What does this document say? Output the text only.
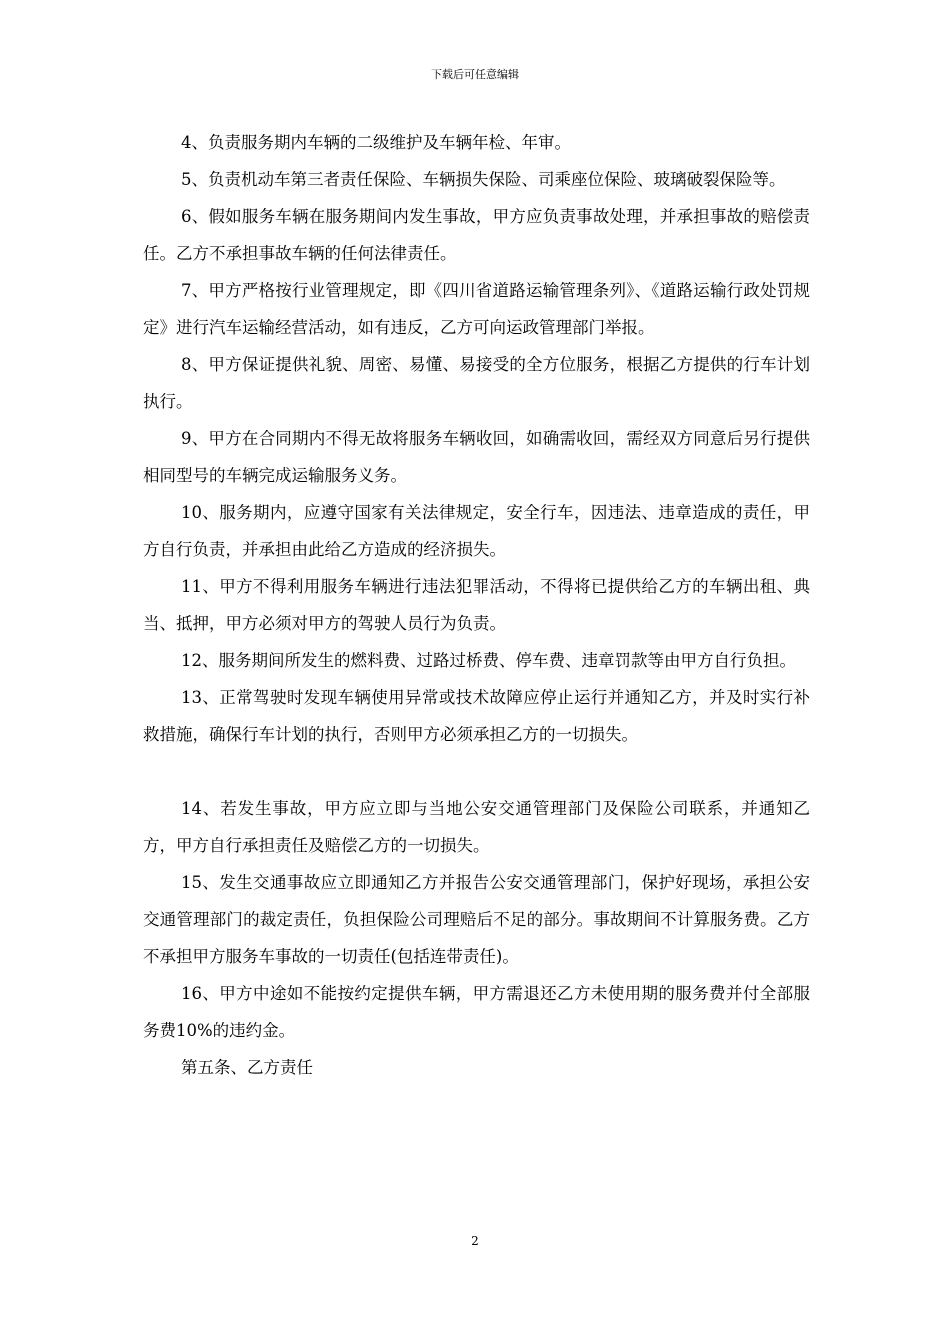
下载后可任意编辑

4、负责服务期内车辆的二级维护及车辆年检、年审。

5、负责机动车第三者责任保险、车辆损失保险、司乘座位保险、玻璃破裂保险等。

6、假如服务车辆在服务期间内发生事故，甲方应负责事故处理，并承担事故的赔偿责任。乙方不承担事故车辆的任何法律责任。

7、甲方严格按行业管理规定，即《四川省道路运输管理条列》、《道路运输行政处罚规定》进行汽车运输经营活动，如有违反，乙方可向运政管理部门举报。

8、甲方保证提供礼貌、周密、易懂、易接受的全方位服务，根据乙方提供的行车计划执行。

9、甲方在合同期内不得无故将服务车辆收回，如确需收回，需经双方同意后另行提供相同型号的车辆完成运输服务义务。

10、服务期内，应遵守国家有关法律规定，安全行车，因违法、违章造成的责任，甲方自行负责，并承担由此给乙方造成的经济损失。

11、甲方不得利用服务车辆进行违法犯罪活动，不得将已提供给乙方的车辆出租、典当、抵押，甲方必须对甲方的驾驶人员行为负责。

12、服务期间所发生的燃料费、过路过桥费、停车费、违章罚款等由甲方自行负担。

13、正常驾驶时发现车辆使用异常或技术故障应停止运行并通知乙方，并及时实行补救措施，确保行车计划的执行，否则甲方必须承担乙方的一切损失。

14、若发生事故，甲方应立即与当地公安交通管理部门及保险公司联系，并通知乙方，甲方自行承担责任及赔偿乙方的一切损失。

15、发生交通事故应立即通知乙方并报告公安交通管理部门，保护好现场，承担公安交通管理部门的裁定责任，负担保险公司理赔后不足的部分。事故期间不计算服务费。乙方不承担甲方服务车事故的一切责任(包括连带责任)。

16、甲方中途如不能按约定提供车辆，甲方需退还乙方未使用期的服务费并付全部服务费10%的违约金。

第五条、乙方责任

2
